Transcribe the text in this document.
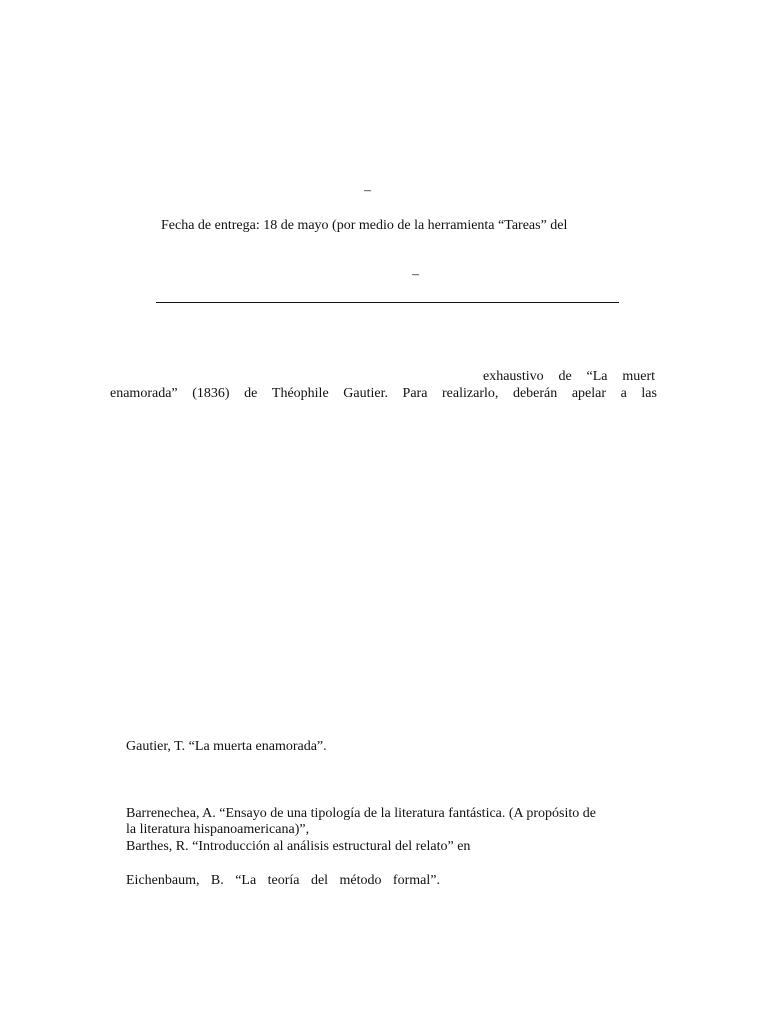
–
Fecha de entrega: 18 de mayo (por medio de la herramienta “Tareas” del
–
exhaustivo de “La muert
enamorada” (1836) de Théophile Gautier. Para realizarlo, deberán apelar a las
Gautier, T. “La muerta enamorada”.
Barrenechea, A. “Ensayo de una tipología de la literatura fantástica. (A propósito de
la literatura hispanoamericana)”,
Barthes, R. “Introducción al análisis estructural del relato” en
Eichenbaum, B. “La teoría del método formal”.
